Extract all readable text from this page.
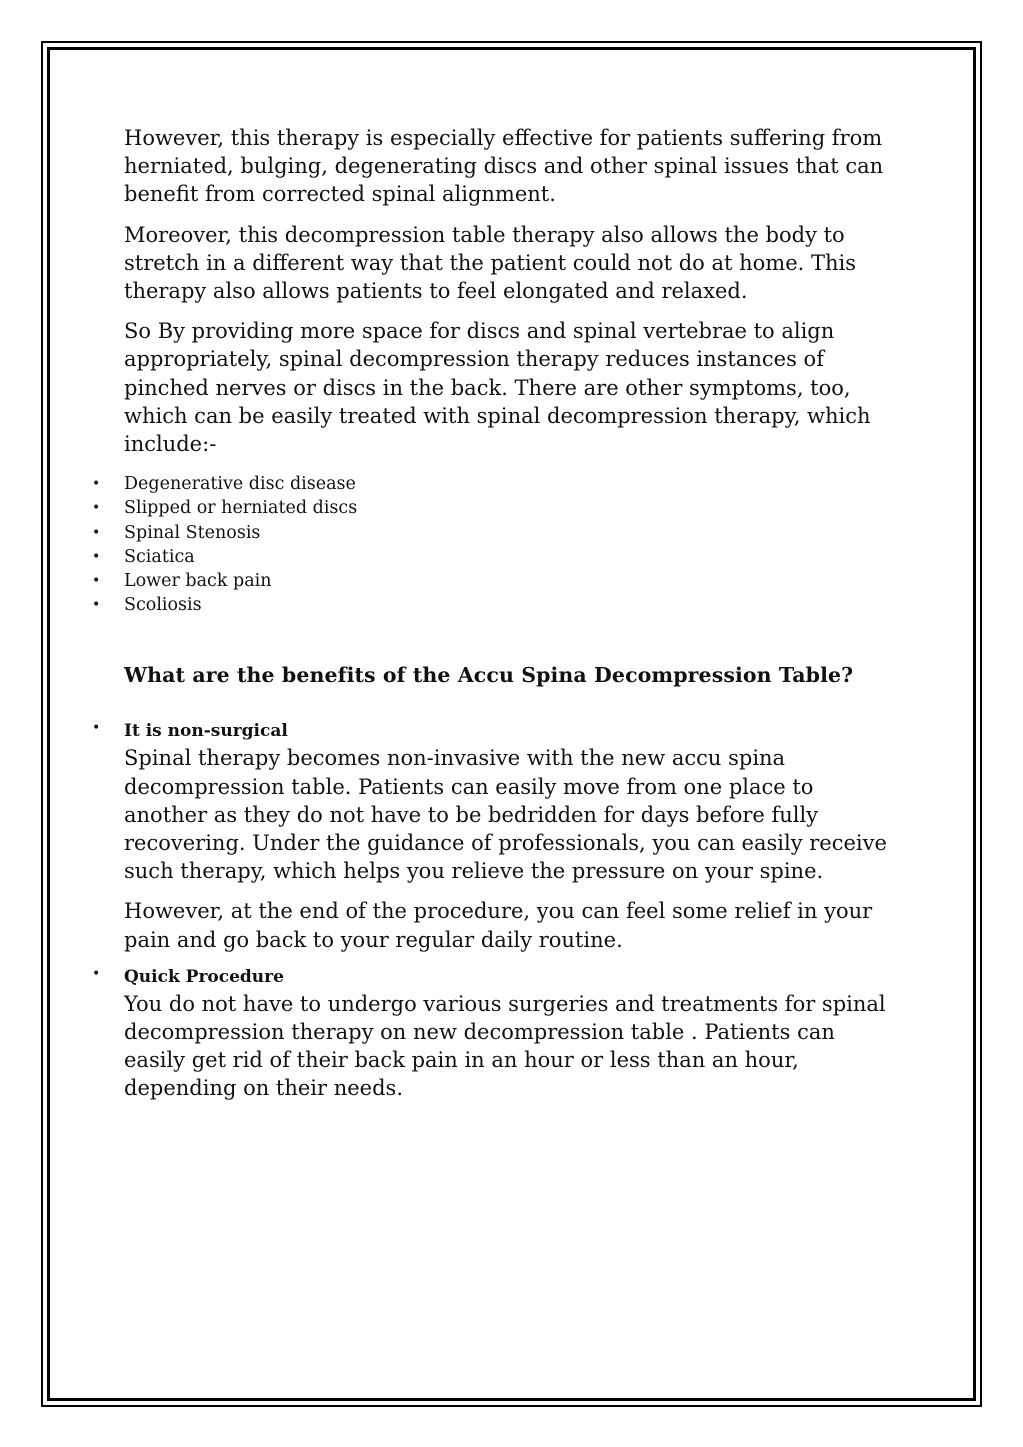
However, this therapy is especially effective for patients suffering from herniated, bulging, degenerating discs and other spinal issues that can benefit from corrected spinal alignment.

Moreover, this decompression table therapy also allows the body to stretch in a different way that the patient could not do at home. This therapy also allows patients to feel elongated and relaxed.

So By providing more space for discs and spinal vertebrae to align appropriately, spinal decompression therapy reduces instances of pinched nerves or discs in the back. There are other symptoms, too, which can be easily treated with spinal decompression therapy, which include:-

• Degenerative disc disease
• Slipped or herniated discs
• Spinal Stenosis
• Sciatica
• Lower back pain
• Scoliosis
What are the benefits of the Accu Spina Decompression Table?
• It is non-surgical

Spinal therapy becomes non-invasive with the new accu spina decompression table. Patients can easily move from one place to another as they do not have to be bedridden for days before fully recovering. Under the guidance of professionals, you can easily receive such therapy, which helps you relieve the pressure on your spine.

However, at the end of the procedure, you can feel some relief in your pain and go back to your regular daily routine.

• Quick Procedure

You do not have to undergo various surgeries and treatments for spinal decompression therapy on new decompression table . Patients can easily get rid of their back pain in an hour or less than an hour, depending on their needs.
